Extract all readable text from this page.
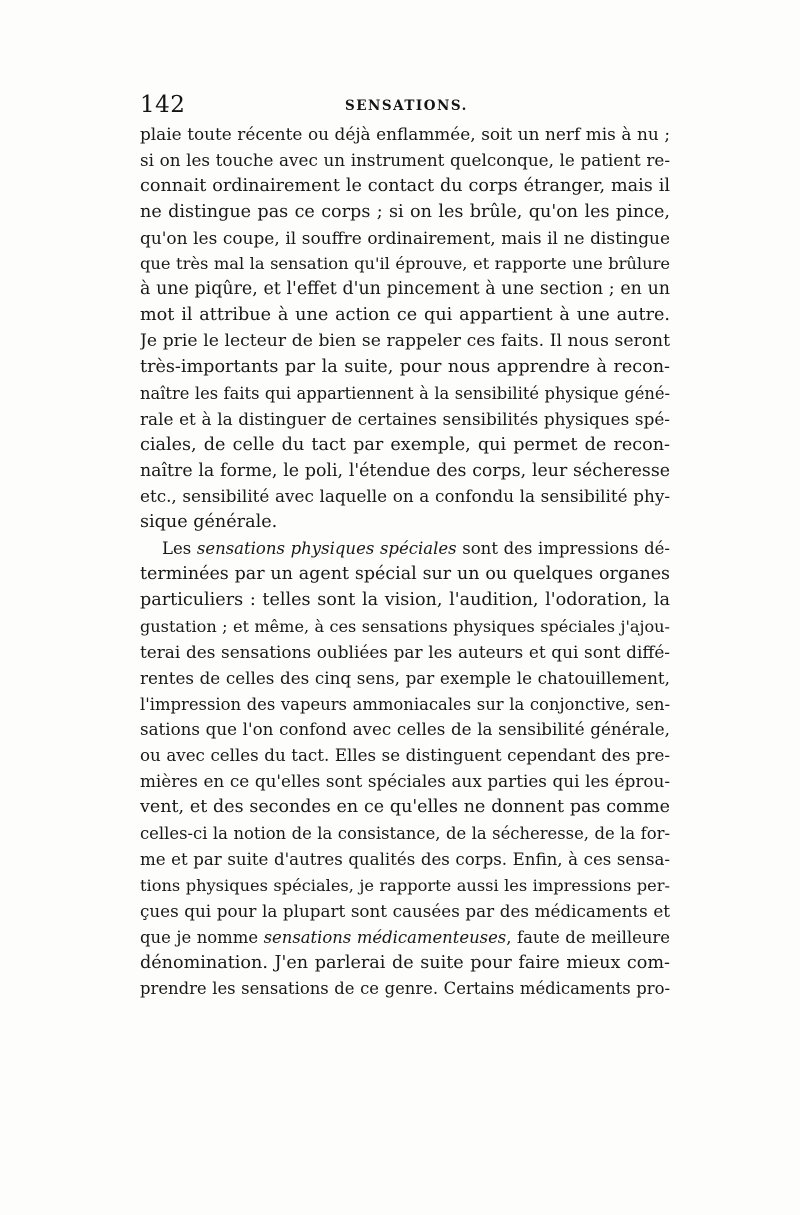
142	SENSATIONS.
plaie toute récente ou déjà enflammée, soit un nerf mis à nu ;
si on les touche avec un instrument quelconque, le patient re-
connait ordinairement le contact du corps étranger, mais il
ne distingue pas ce corps ; si on les brûle, qu'on les pince,
qu'on les coupe, il souffre ordinairement, mais il ne distingue
que très mal la sensation qu'il éprouve, et rapporte une brûlure
à une piqûre, et l'effet d'un pincement à une section ; en un
mot il attribue à une action ce qui appartient à une autre.
Je prie le lecteur de bien se rappeler ces faits. Il nous seront
très-importants par la suite, pour nous apprendre à recon-
naître les faits qui appartiennent à la sensibilité physique géné-
rale et à la distinguer de certaines sensibilités physiques spé-
ciales, de celle du tact par exemple, qui permet de recon-
naître la forme, le poli, l'étendue des corps, leur sécheresse
etc., sensibilité avec laquelle on a confondu la sensibilité phy-
sique générale.
Les sensations physiques spéciales sont des impressions dé-
terminées par un agent spécial sur un ou quelques organes
particuliers : telles sont la vision, l'audition, l'odoration, la
gustation ; et même, à ces sensations physiques spéciales j'ajou-
terai des sensations oubliées par les auteurs et qui sont diffé-
rentes de celles des cinq sens, par exemple le chatouillement,
l'impression des vapeurs ammoniacales sur la conjonctive, sen-
sations que l'on confond avec celles de la sensibilité générale,
ou avec celles du tact. Elles se distinguent cependant des pre-
mières en ce qu'elles sont spéciales aux parties qui les éprou-
vent, et des secondes en ce qu'elles ne donnent pas comme
celles-ci la notion de la consistance, de la sécheresse, de la for-
me et par suite d'autres qualités des corps. Enfin, à ces sensa-
tions physiques spéciales, je rapporte aussi les impressions per-
çues qui pour la plupart sont causées par des médicaments et
que je nomme sensations médicamenteuses, faute de meilleure
dénomination. J'en parlerai de suite pour faire mieux com-
prendre les sensations de ce genre. Certains médicaments pro-
